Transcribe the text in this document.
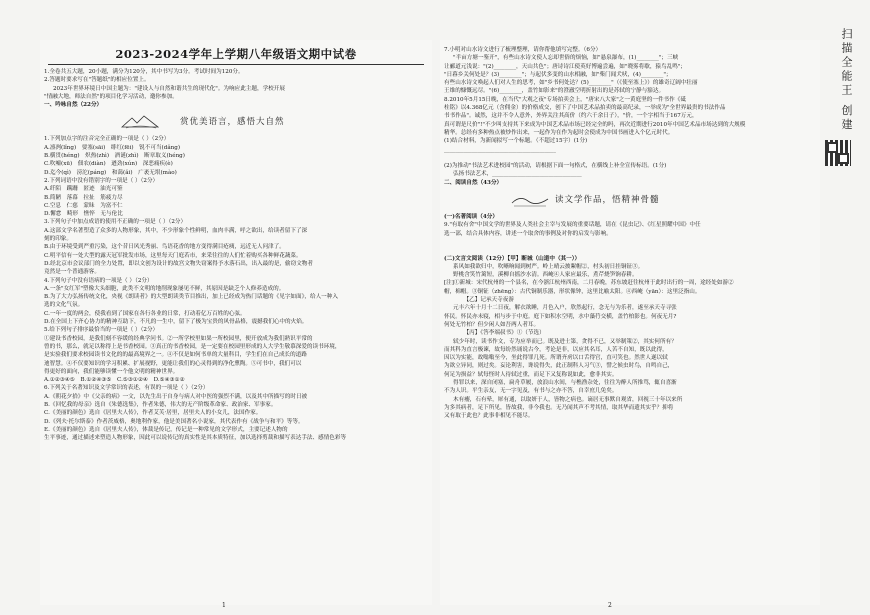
2023-2024学年上学期八年级语文期中试卷
1.全卷共五大题，20小题，满分为120分，其中书写为3分。考试时间为120分。
2.答题时要求写在"答题纸"的相应位置上。
2023年世界环境日中国主题为："建设人与自然和谐共生的现代化"。为响应此主题，学校开展
"情融大地，师法自然"的项目化学习活动，邀你参加。
一、吟咏自然（22分）
赏优美语言，感悟大自然
1.下列加点字的注音完全正确的一项是（ ）（2分）
A.凛冽(lǐng)　要塞(sāi)　绯红(fēi)　锐不可当(dǎng)
B.横贯(héng)　炽热(zhì)　酒谜(zhì)　断章取义(héng)
C.吹嘘(xū)　佃农(diàn)　遒劲(xún)　深恶痛疾(è)
D.迄今(qì)　滂沱(páng)　和蔼(ǎi)　广袤无垠(mào)
2.下列词语中没有错别字的一项是（ ）（2分）
A.纤陌　蹒跚　匿迹　油光可鉴
B.简陋　落幕　拉扯　筋疲力尽
C.空息　仁慈　蒙昧　为富不仁
D.懈怠　畸形　憔悴　无与伦比
3.下列句子中加点成语的使用不正确的一项是（ ）（2分）
A.这部文学名著塑造了众多的人物形象，其中，不少形象个性鲜明，血肉丰满，呼之欲出，给读者留下了深
刻的印象。
B.由于环境受到严重污染，这个昔日风光秀丽、鸟语花香的地方变得满目疮痍，远近无人问津了。
C.明平信有一处大型的露天冠军批发市场，这里每天门庭若市，来采往往的人们忙着购买各种鲜花蔬菜。
D.经北京市会议部门的全力处置，即以文创为设计的故宫文物失窃案得予水落石出，出入最的是，偷窃文物者
竟然是一个普通游客。
4.下列句子中没有语病的一项是（ ）（2分）
A.一条"女红军"塑像大头细胞，此类不文明的地削现象屡见不鲜，其原因是缺乏个人修养造成的。
B.为了大力弘扬传统文化，央视《朗读者》的大型朗读类节目推出，加上已经成为热门话题的《见字如面》，给人一种入
选的文化气氛。
C.一年一度的两会，使我看到了国家在各行各业的日常，打动着亿万百姓的心弦。
D.在全国上下齐心协力的精神互助下，不凡的一生中，留下了极为宝贵的风骨品格，震撼我们心中的火焰。
5.给下列句子排序最恰当的一项是（ ）（2分）
①建设书香校园，是我们刻不容缓的经典学问书。②一所学校里如果一所校园里，便开放成为我们熟识平常的
曾的书，那么，就足以称得上是书香校园。③真正的书香校园，是一定要在校园里形成的人大学生敬慕深爱的读书环境，
是实验我们要求校园读书文化的的最高境界之一。④不仅是如何书单的大量科目，学生们在自己成长的道路
迪智慧。④不仅要知识的学习积累、扩展视野，更能让我们的心灵得到的净化熏陶。⑤可书中，我们可以
得更好的面向，我们能够读懂一个他文明的精神世界。
A.①②③④⑤　B.①②④③⑤　C.⑤③①②④　D.⑤④③①②
6.下列关于名著知识及文学常识的表述，有误的一项是（ ）（2分）
A.《朝花夕拾》中《父亲的病》一文，以先生出于自身与病人对中医的强烈不满，以及其中所描写的时日被
B.《回忆我的母亲》选自《朱德选集》，作者朱德，伟大的无产阶级革命家、政治家、军事家。
C.《美丽的颜色》选自《居里夫人传》，作者艾芙·居里，居里夫人的小女儿，法国作家。
D.《列夫·托尔斯泰》作者茨威格，奥地利作家，他是美国著名小说家，其代表作有《战争与和平》等等。
E.《美丽的颜色》选自《居里夫人传》，体裁是传记，传记是一种常见的文学形式，主要记述人物的
生平事迹，通过描述来塑造人物形象，因此可以说传记的真实性是其本质特征，加以选择剪裁和描写表达手法、感情色彩等
1
7.小明对山水诗文进行了梳理整理，请你帮他填写完整。（6分）
"半亩方塘一鉴开"，有些山水诗文使人忘却世俗的烦恼，如"悬泉瀑布，(1)________"；三峡
让郦道元浅说："(2)________，天山共色"；唐诗诗江使英好博遍尝遍，如"晓雾将歇，猿鸟乱鸣"；
"日暮乡关何处是？(3)________"；与起伏多变的山水相融，如"柴门闻犬吠，(4)________"；
有些山水诗文唤起人们对人生的思考，如"乡书何处达？(5)________"（《使至塞上》）的雄奇辽阔中壮丽
王维的慷慨远尽。"(6)________，盖竹如影来"的澄澈空明折射出的是苏轼的宁静与豁达。
8.2010年5月15日晚，在当代"大观之夜"专场拍卖会上，"唐宋八大家"之一黄庭坚的一件书作《砥
柱铭》以4.368亿元（含佣金）的价格成交，创下了中国艺术品拍卖的最高纪录，一举成为"全世界最贵的书法作品
书书作品"。诚然，这并不令人意外，外界关注其高价（约六千余日子），"价，一个字相当于167万元，
真可谓是尺价"!"不少叫支持其下来成为中国艺术品市场已经完全的吗，再次近期进行2010年中国艺术品市场达到的大规模
精华。总经有多种热点被炒作出来，一起作为在作为起时会使成为中国书画进入个亿元时代。
(1)结合材料，为新闻拟写一个标题。（不超过15字）(1分)
________________________________________

(2)为推动"书法艺术进校园"的活动，请根据下面一句格式，在横线上补全宣传标语。(1分)
弘扬书法艺术，________________________________
二、阅读自然（43分）
读文学作品，悟精神骨髓
(一)名著阅读（4分）
9."有取有舍"中国文学的世界及人类社会主宰与发展的重要话题，请在《昆虫记》、《红星照耀中国》中任
选一部，结合具体内容，讲述一个取舍的事例及对你的启发与影响。

(二)文言文阅读（12分）【甲】断城（山道中（其一））
系风如我欲归中，吹晰晌闻到树严。岭上晴云披絮帽②，村头初日挂铜钲③。
野桃含笑竹篱短，溪柳自摇沙水清。西崦④人家应最乐，煮芹烧笋饷春耕。
[注]①新城：宋代杭州的一个县名，在今浙江杭州西南，二月春晚，苏东坡赶往杭州于此时出行的一周，途经处如游②
帽，棉帽。③铜钲（zhēng）：古代铜制乐器，形状像钟，这里比喻太阳。④西崦（yān）：这里泛指山。
　　　　【乙】记承天寺夜游
元丰六年十月十二日夜，解衣欲睡，月色入户，欣然起行，念无与为乐者，遂至承天寺寻张
怀民。怀民亦未寝，相与步于中庭。庭下如积水空明，水中藻荇交横，盖竹柏影也。何夜无月?
何处无竹柏？但少闲人如吾两人者耳。
　　　　【丙】《答李端叔书》①（节选）
轼少年时，读书作文，专为应举而已。既及进士第，贪得不已，又举制策②，其实何所有？
而其科为直言极谏，故每纷然诵说古今，考论是非，以应其名耳，人苦不自知，既以此得，
因以为实能，故嗡嗡至今，坐此得罪几死。所谓齐虏以口舌得官，直可笑也。然世人遂以轼
为欲立异同，则过矣。妄论利害，谗说得失，此正制科人习气③，譬之候虫时鸟，自鸣自己，
何足为损益？轼每怪时人待轼过重，而足下又复称说如此，愈非其实。
得罪以来，深自闭塞，扁舟草履，放浪山水间，与樵渔杂处，往往为醉人所推骂，辄自喜渐
不为人识。平生亲友，无一字见及，有书与之亦不答，自幸庶几免矣。
木有瘿，石有晕，犀有通，以取妍于人，皆物之病也。谪居无事默自观省，回视三十年以来所
为多其病者，足下所见，皆故我，非今我也。无乃闻其声不考其情，取其华而遗其实乎？抑将
又有取于此也？此事非相见不能尽。
2
扫描全能王 创建
